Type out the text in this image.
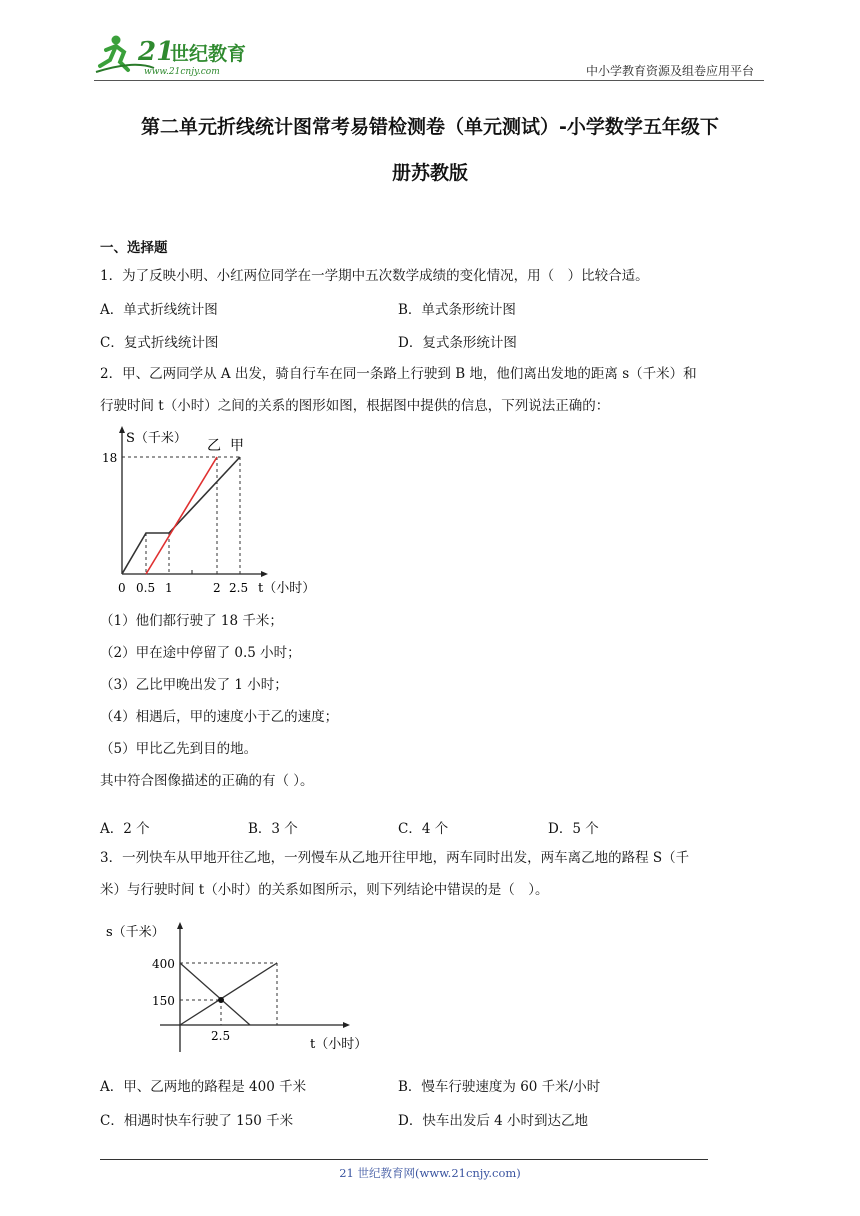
21
世纪教育
www.21cnjy.com	中小学教育资源及组卷应用平台
第二单元折线统计图常考易错检测卷（单元测试）-小学数学五年级下
册苏教版
一、选择题
1．为了反映小明、小红两位同学在一学期中五次数学成绩的变化情况，用（　）比较合适。
A．单式折线统计图	B．单式条形统计图
C．复式折线统计图	D．复式条形统计图
2．甲、乙两同学从 A 出发，骑自行车在同一条路上行驶到 B 地，他们离出发地的距离 s（千米）和
行驶时间 t（小时）之间的关系的图形如图，根据图中提供的信息，下列说法正确的：
S（千米） 乙 甲
18
0 0.5 1	2 2.5 t（小时）
（1）他们都行驶了 18 千米；
（2）甲在途中停留了 0.5 小时；
（3）乙比甲晚出发了 1 小时；
（4）相遇后，甲的速度小于乙的速度；
（5）甲比乙先到目的地。
其中符合图像描述的正确的有（ ）。
A．2 个	B．3 个	C．4 个	D．5 个
3．一列快车从甲地开往乙地，一列慢车从乙地开往甲地，两车同时出发，两车离乙地的路程 S（千
米）与行驶时间 t（小时）的关系如图所示，则下列结论中错误的是（　）。
s（千米）
400
150
2.5
t（小时）
A．甲、乙两地的路程是 400 千米	B．慢车行驶速度为 60 千米/小时
C．相遇时快车行驶了 150 千米	D．快车出发后 4 小时到达乙地
21 世纪教育网(www.21cnjy.com)
